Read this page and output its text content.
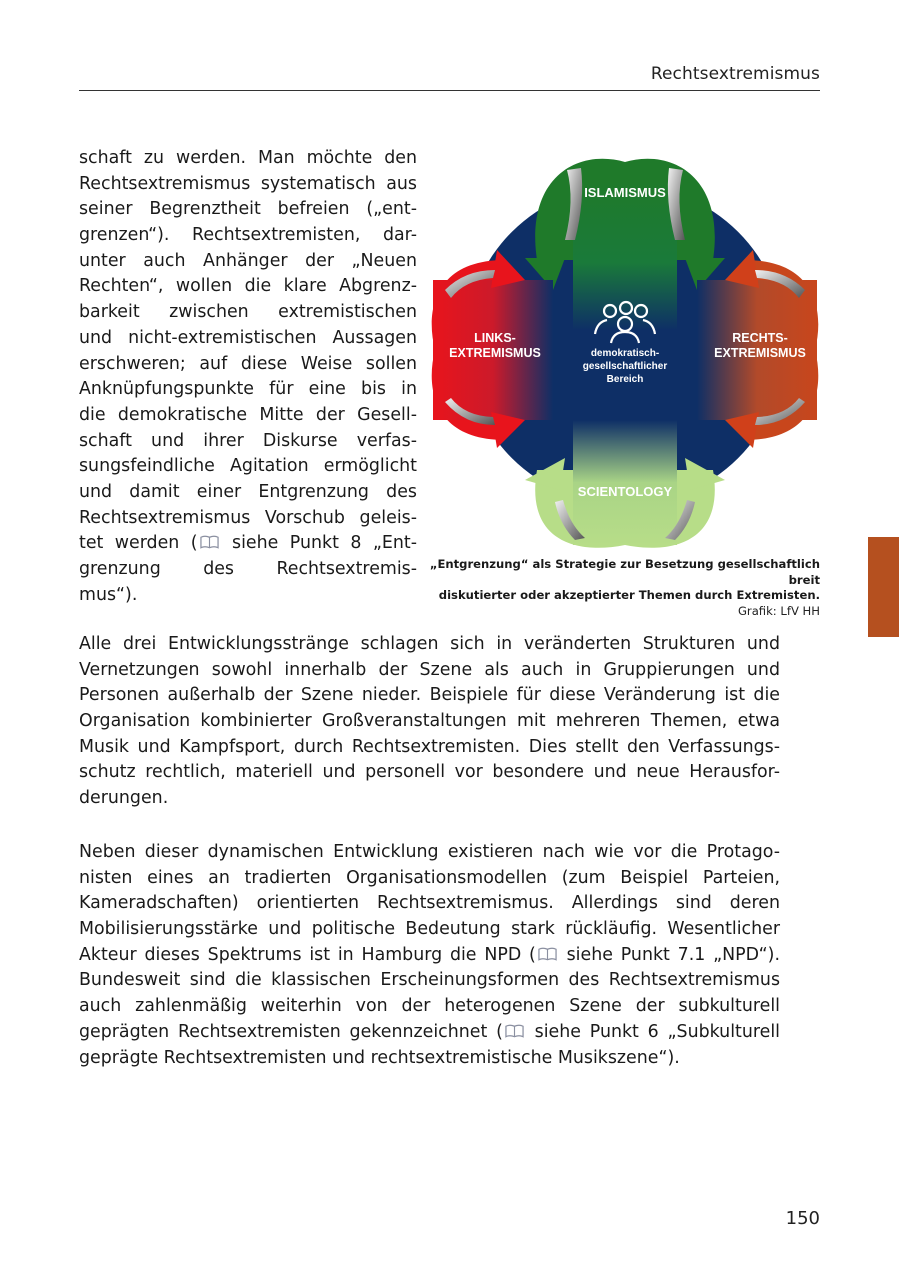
Rechtsextremismus
schaft zu werden. Man möchte den
Rechtsextremismus systematisch aus
seiner Begrenztheit befreien („ent-
grenzen“). Rechtsextremisten, dar-
unter auch Anhänger der „Neuen
Rechten“, wollen die klare Abgrenz-
barkeit zwischen extremistischen
und nicht-extremistischen Aussagen
erschweren; auf diese Weise sollen
Anknüpfungspunkte für eine bis in
die demokratische Mitte der Gesell-
schaft und ihrer Diskurse verfas-
sungsfeindliche Agitation ermöglicht
und damit einer Entgrenzung des
Rechtsextremismus Vorschub geleis-
tet werden ( siehe Punkt 8 „Ent-
grenzung des Rechtsextremis-
mus“).
ISLAMISMUS
LINKS-
EXTREMISMUS
RECHTS-
EXTREMISMUS
demokratisch-
gesellschaftlicher
Bereich
SCIENTOLOGY
„Entgrenzung“ als Strategie zur Besetzung gesellschaftlich breit
diskutierter oder akzeptierter Themen durch Extremisten.
Grafik: LfV HH
Alle drei Entwicklungsstränge schlagen sich in veränderten Strukturen und
Vernetzungen sowohl innerhalb der Szene als auch in Gruppierungen und
Personen außerhalb der Szene nieder. Beispiele für diese Veränderung ist die
Organisation kombinierter Großveranstaltungen mit mehreren Themen, etwa
Musik und Kampfsport, durch Rechtsextremisten. Dies stellt den Verfassungs-
schutz rechtlich, materiell und personell vor besondere und neue Herausfor-
derungen.
Neben dieser dynamischen Entwicklung existieren nach wie vor die Protago-
nisten eines an tradierten Organisationsmodellen (zum Beispiel Parteien,
Kameradschaften) orientierten Rechtsextremismus. Allerdings sind deren
Mobilisierungsstärke und politische Bedeutung stark rückläufig. Wesentlicher
Akteur dieses Spektrums ist in Hamburg die NPD ( siehe Punkt 7.1 „NPD“).
Bundesweit sind die klassischen Erscheinungsformen des Rechtsextremismus
auch zahlenmäßig weiterhin von der heterogenen Szene der subkulturell
geprägten Rechtsextremisten gekennzeichnet ( siehe Punkt 6 „Subkulturell
geprägte Rechtsextremisten und rechtsextremistische Musikszene“).
150
